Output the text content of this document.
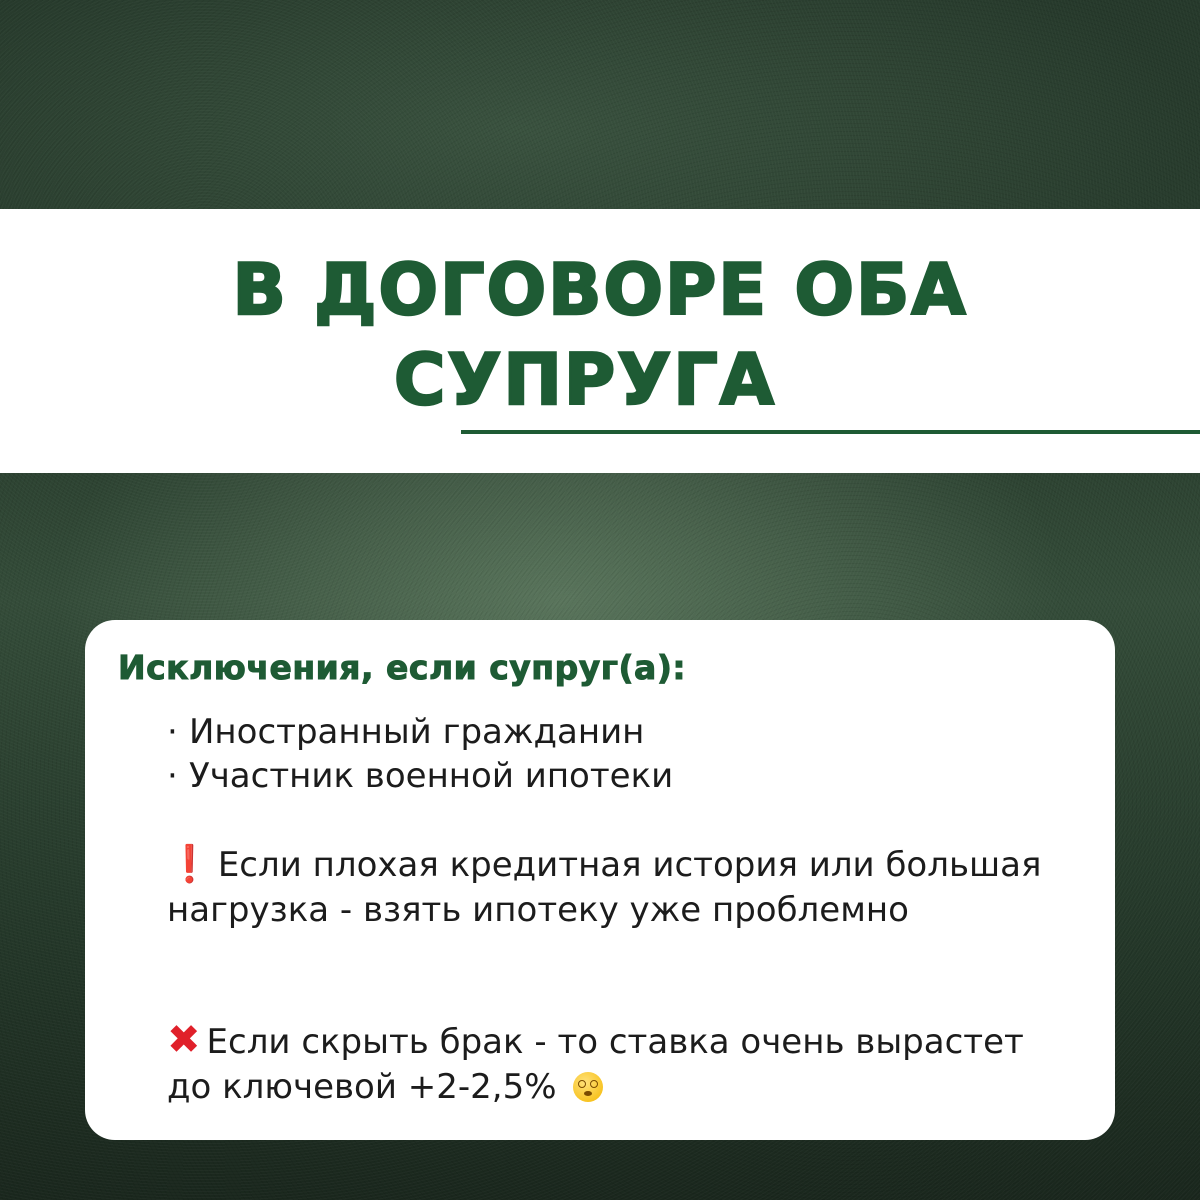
В ДОГОВОРЕ ОБА
СУПРУГА
Исключения, если супруг(а):
· Иностранный гражданин
· Участник военной ипотеки

❗ Если плохая кредитная история или большая нагрузка - взять ипотеку уже проблемно

✖ Если скрыть брак - то ставка очень вырастет до ключевой +2-2,5%
